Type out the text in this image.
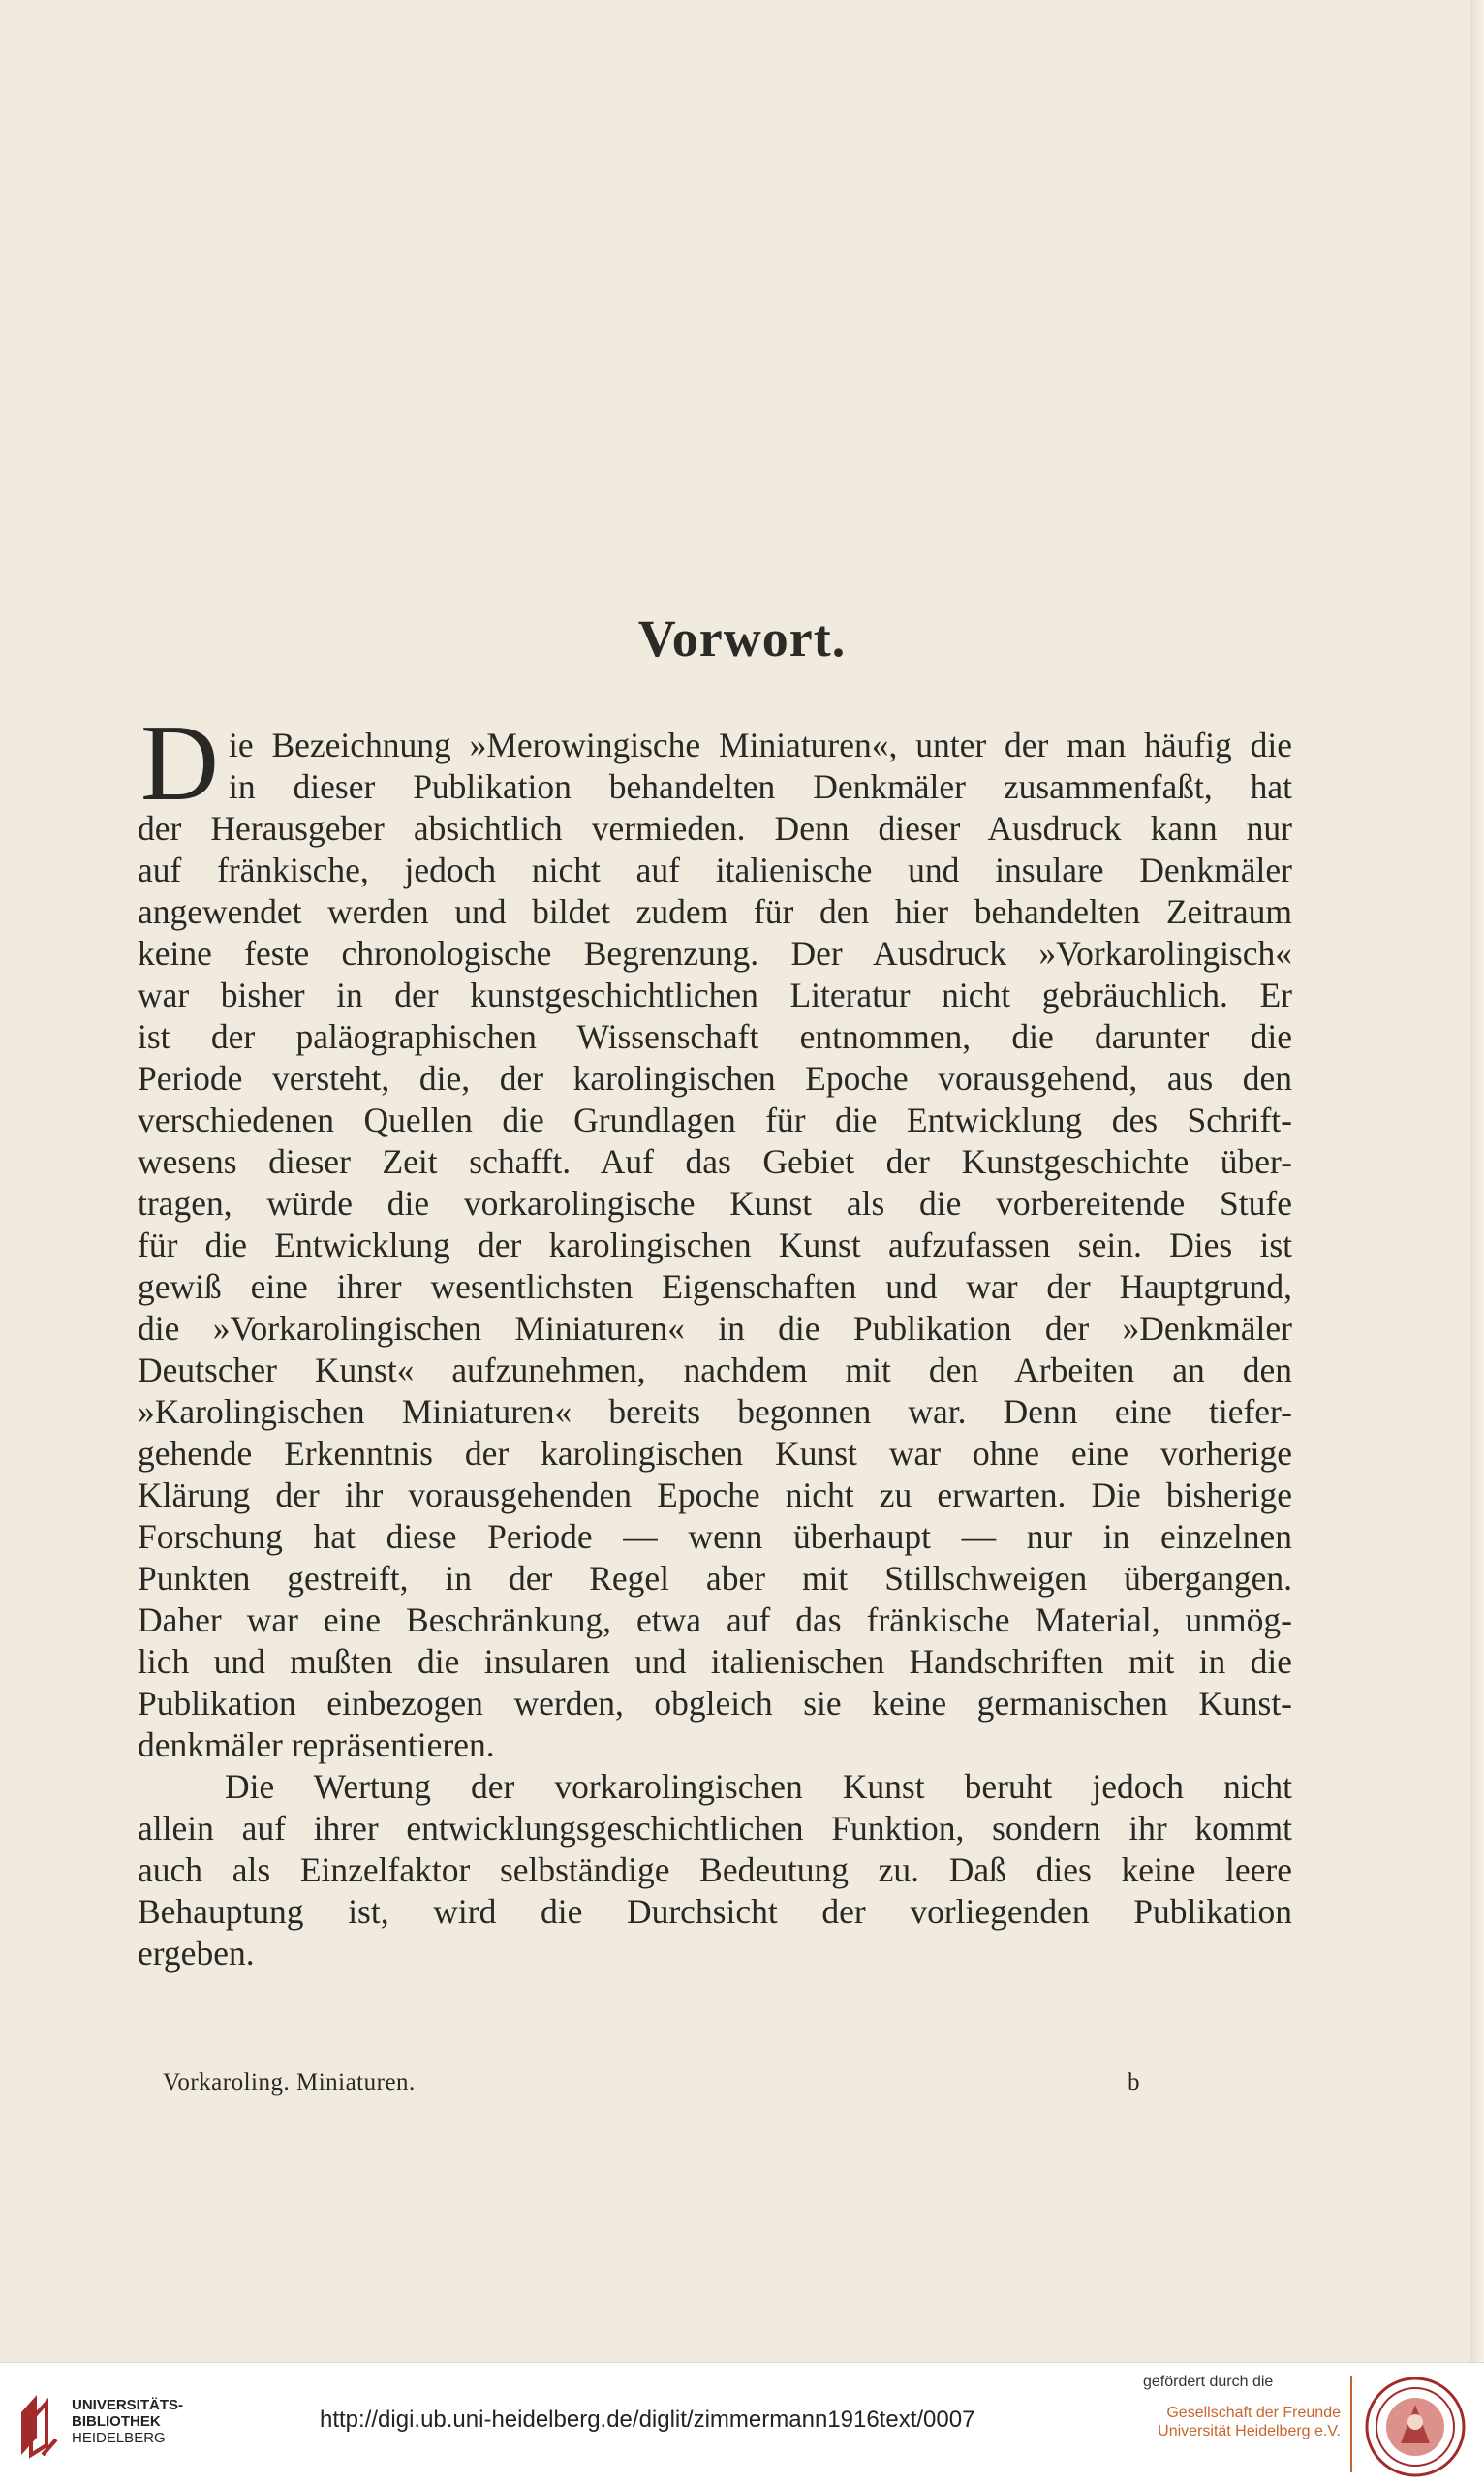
Vorwort.
D ie Bezeichnung »Merowingische Miniaturen«, unter der man häufig die
in dieser Publikation behandelten Denkmäler zusammenfaßt, hat
der Herausgeber absichtlich vermieden. Denn dieser Ausdruck kann nur
auf fränkische, jedoch nicht auf italienische und insulare Denkmäler
angewendet werden und bildet zudem für den hier behandelten Zeitraum
keine feste chronologische Begrenzung. Der Ausdruck »Vorkarolingisch«
war bisher in der kunstgeschichtlichen Literatur nicht gebräuchlich. Er
ist der paläographischen Wissenschaft entnommen, die darunter die
Periode versteht, die, der karolingischen Epoche vorausgehend, aus den
verschiedenen Quellen die Grundlagen für die Entwicklung des Schrift-
wesens dieser Zeit schafft. Auf das Gebiet der Kunstgeschichte über-
tragen, würde die vorkarolingische Kunst als die vorbereitende Stufe
für die Entwicklung der karolingischen Kunst aufzufassen sein. Dies ist
gewiß eine ihrer wesentlichsten Eigenschaften und war der Hauptgrund,
die »Vorkarolingischen Miniaturen« in die Publikation der »Denkmäler
Deutscher Kunst« aufzunehmen, nachdem mit den Arbeiten an den
»Karolingischen Miniaturen« bereits begonnen war. Denn eine tiefer-
gehende Erkenntnis der karolingischen Kunst war ohne eine vorherige
Klärung der ihr vorausgehenden Epoche nicht zu erwarten. Die bisherige
Forschung hat diese Periode — wenn überhaupt — nur in einzelnen
Punkten gestreift, in der Regel aber mit Stillschweigen übergangen.
Daher war eine Beschränkung, etwa auf das fränkische Material, unmög-
lich und mußten die insularen und italienischen Handschriften mit in die
Publikation einbezogen werden, obgleich sie keine germanischen Kunst-
denkmäler repräsentieren.
Die Wertung der vorkarolingischen Kunst beruht jedoch nicht
allein auf ihrer entwicklungsgeschichtlichen Funktion, sondern ihr kommt
auch als Einzelfaktor selbständige Bedeutung zu. Daß dies keine leere
Behauptung ist, wird die Durchsicht der vorliegenden Publikation
ergeben.
Vorkaroling. Miniaturen.	b
UNIVERSITÄTS-
BIBLIOTHEK
HEIDELBERG
http://digi.ub.uni-heidelberg.de/diglit/zimmermann1916text/0007
gefördert durch die
Gesellschaft der Freunde
Universität Heidelberg e.V.
